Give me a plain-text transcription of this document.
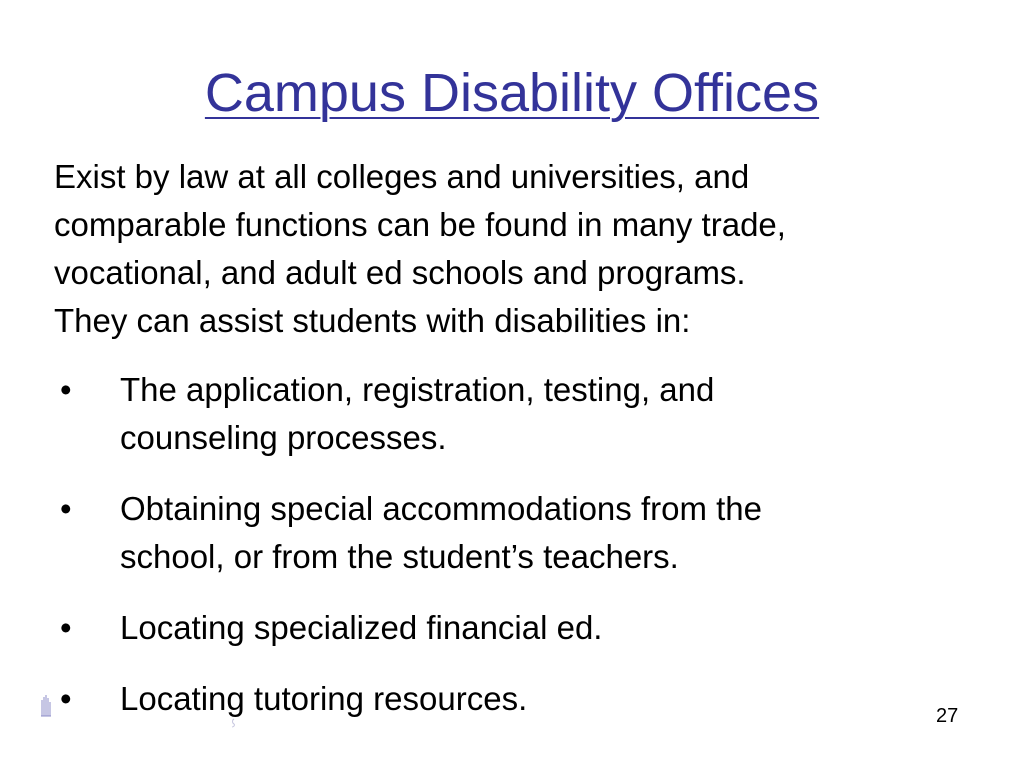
Campus Disability Offices
Exist by law at all colleges and universities, and
comparable functions can be found in many trade,
vocational, and adult ed schools and programs.
They can assist students with disabilities in:
•	The application, registration, testing, and
counseling processes.
•	Obtaining special accommodations from the
school, or from the student’s teachers.
•	Locating specialized financial ed.
•	Locating tutoring resources.	27
